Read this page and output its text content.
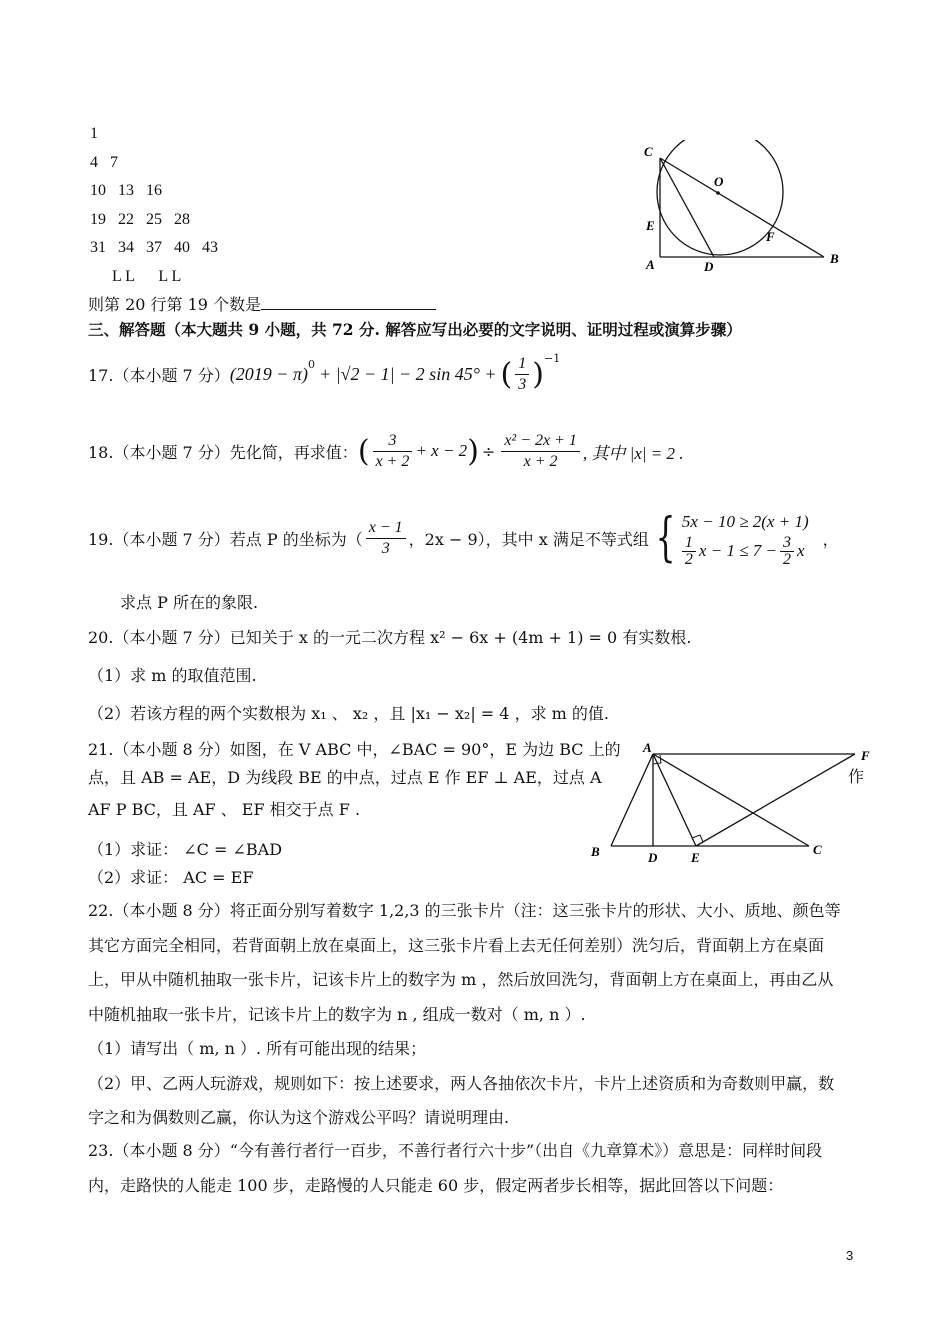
1
4   7
10   13   16
19   22   25   28
31   34   37   40   43
L L      L L
C
O
E
F
A	D
B
则第 20 行第 19 个数是
三、解答题（本大题共 9 小题，共 72 分. 解答应写出必要的文字说明、证明过程或演算步骤）
17.（本小题 7 分） $(2019 - \pi)^0 + |√2 - 1| - 2$ sin 45° + ( $\frac{1}{3} )^{-1}$
18.（本小题 7 分）先化简，再求值： ( $\frac{3}{x + 2} + x - 2$ ) ÷ $\frac{\text{x² − 2x + 1}}{x + 2}$ , 其中 |x| = 2 .
19.（本小题 7 分）若点 P 的坐标为（ $\frac{x - 1}{3}$ ，2x − 9），其中 x 满足不等式组 { 5x − 10 ≥ 2(x + 1)
$\frac{1}{2}$ $x - 1 \le 7 - \frac{3}{2}$ x
，
求点 P 所在的象限.
20.（本小题 7 分）已知关于 x 的一元二次方程 x² − 6x + (4m + 1) = 0 有实数根.
（1）求 m 的取值范围.
（2）若该方程的两个实数根为 x₁ 、 x₂ ，且 |x₁ − x₂| = 4 ，求 m 的值.
21.（本小题 8 分）如图，在 V ABC 中，∠BAC = 90°，E 为边 BC 上的
点，且 AB = AE，D 为线段 BE 的中点，过点 E 作 EF ⊥ AE，过点 A
AF P BC，且 AF 、 EF 相交于点 F .
（1）求证： ∠C = ∠BAD
（2）求证： AC = EF
作
A
F
B	D	E
C
22.（本小题 8 分）将正面分别写着数字 1,2,3 的三张卡片（注：这三张卡片的形状、大小、质地、颜色等
其它方面完全相同，若背面朝上放在桌面上，这三张卡片看上去无任何差别）洗匀后，背面朝上方在桌面
上，甲从中随机抽取一张卡片，记该卡片上的数字为 m ，然后放回洗匀，背面朝上方在桌面上，再由乙从
中随机抽取一张卡片，记该卡片上的数字为 n , 组成一数对（ m, n ）.
（1）请写出（ m, n ）. 所有可能出现的结果；
（2）甲、乙两人玩游戏，规则如下：按上述要求，两人各抽依次卡片，卡片上述资质和为奇数则甲赢，数
字之和为偶数则乙赢，你认为这个游戏公平吗？请说明理由.
23.（本小题 8 分）“今有善行者行一百步，不善行者行六十步”（出自《九章算术》）意思是：同样时间段
内，走路快的人能走 100 步，走路慢的人只能走 60 步，假定两者步长相等，据此回答以下问题：
3
